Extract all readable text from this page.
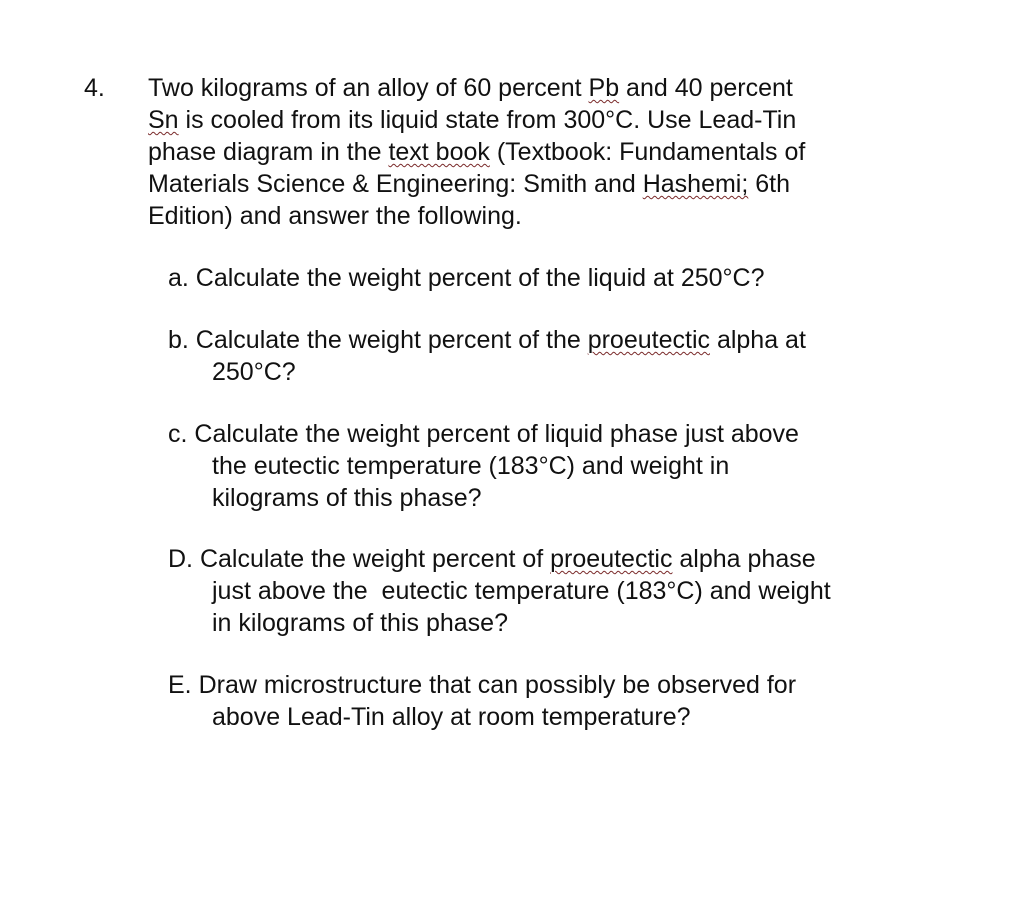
4. Two kilograms of an alloy of 60 percent Pb and 40 percent
Sn is cooled from its liquid state from 300°C. Use Lead-Tin
phase diagram in the text book (Textbook: Fundamentals of
Materials Science & Engineering: Smith and Hashemi; 6th
Edition) and answer the following.
a. Calculate the weight percent of the liquid at 250°C?
b. Calculate the weight percent of the proeutectic alpha at
250°C?
c. Calculate the weight percent of liquid phase just above
the eutectic temperature (183°C) and weight in
kilograms of this phase?
D. Calculate the weight percent of proeutectic alpha phase
just above the  eutectic temperature (183°C) and weight
in kilograms of this phase?
E. Draw microstructure that can possibly be observed for
above Lead-Tin alloy at room temperature?
